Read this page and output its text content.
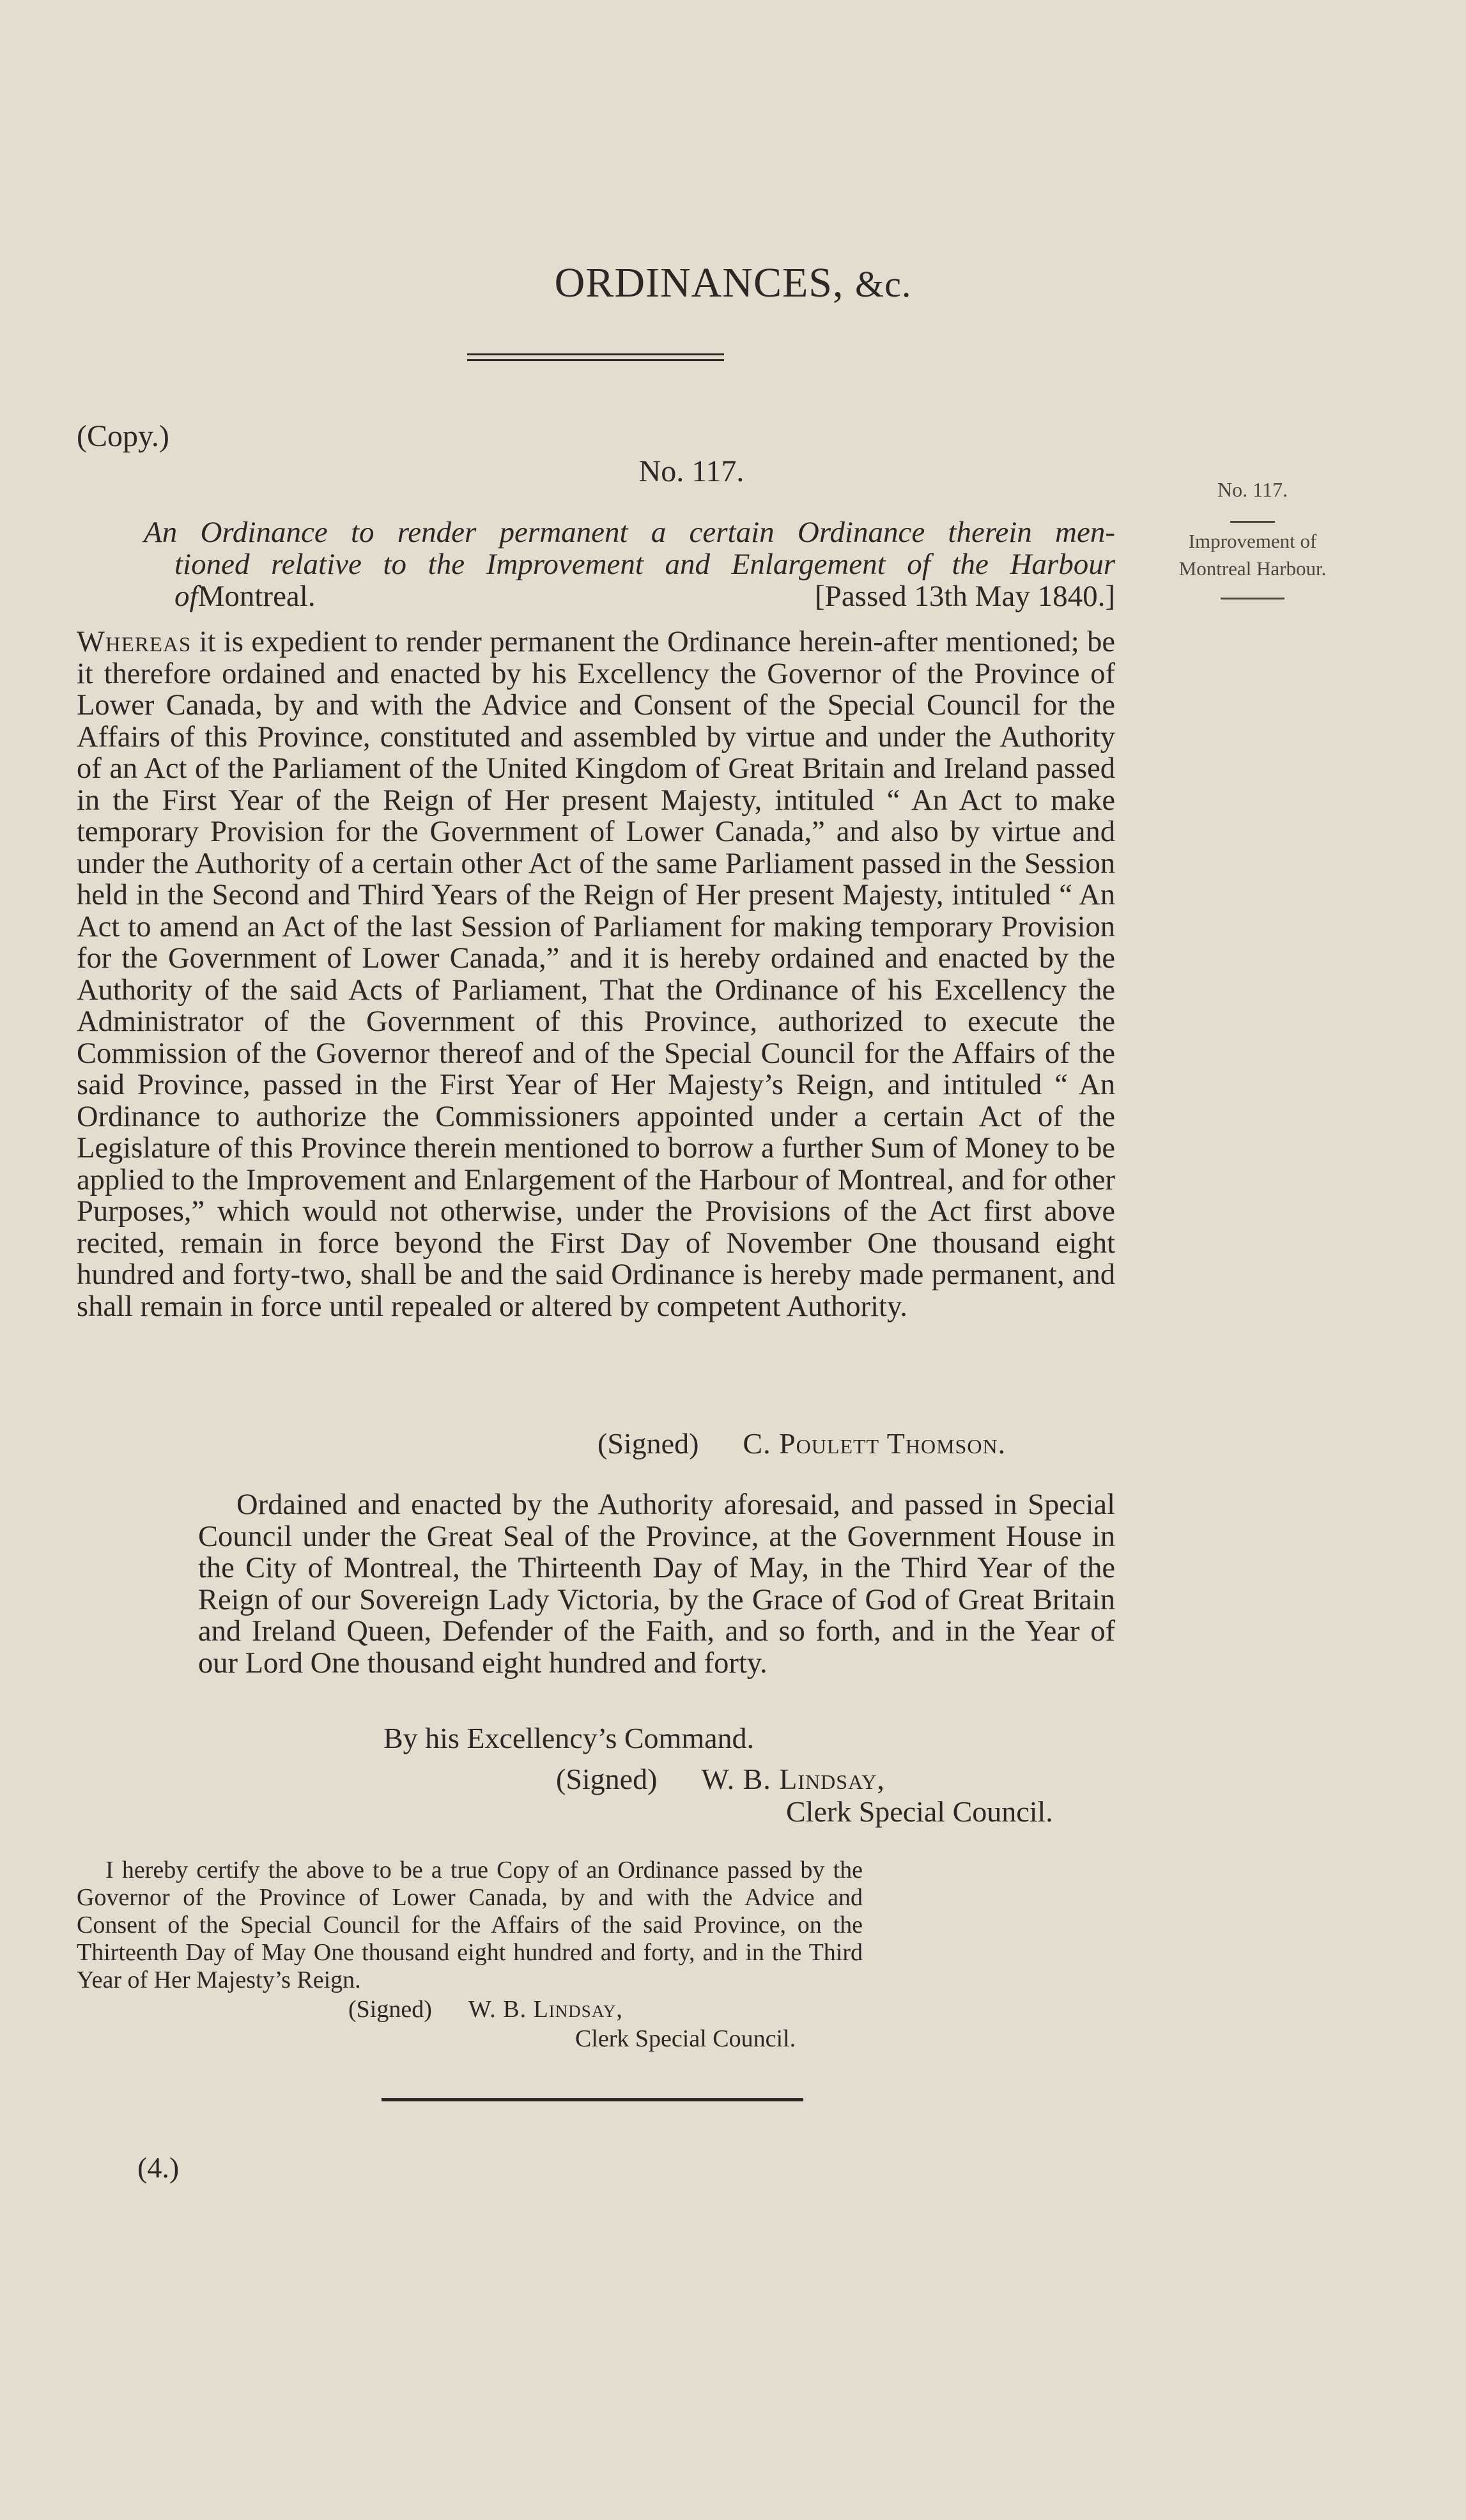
ORDINANCES, &c.
(Copy.)
No. 117.
No. 117.
Improvement of
Montreal Harbour.
An Ordinance to render permanent a certain Ordinance therein men-
tioned relative to the Improvement and Enlargement of the Harbour
ofMontreal.	[Passed 13th May 1840.]
Whereas it is expedient to render permanent the Ordinance herein-after mentioned; be it therefore ordained and enacted by his Excellency the Governor of the Province of Lower Canada, by and with the Advice and Consent of the Special Council for the Affairs of this Province, constituted and assembled by virtue and under the Authority of an Act of the Parliament of the United Kingdom of Great Britain and Ireland passed in the First Year of the Reign of Her present Majesty, intituled “ An Act to make temporary Provision for the Government of Lower Canada,” and also by virtue and under the Authority of a certain other Act of the same Parliament passed in the Session held in the Second and Third Years of the Reign of Her present Majesty, intituled “ An Act to amend an Act of the last Session of Parliament for making temporary Provision for the Government of Lower Canada,” and it is hereby ordained and enacted by the Authority of the said Acts of Parliament, That the Ordinance of his Excellency the Administrator of the Government of this Province, authorized to execute the Commission of the Governor thereof and of the Special Council for the Affairs of the said Province, passed in the First Year of Her Majesty’s Reign, and intituled “ An Ordinance to authorize the Commissioners appointed under a certain Act of the Legislature of this Province therein mentioned to borrow a further Sum of Money to be applied to the Improvement and Enlargement of the Harbour of Montreal, and for other Purposes,” which would not otherwise, under the Provisions of the Act first above recited, remain in force beyond the First Day of November One thousand eight hundred and forty-two, shall be and the said Ordinance is hereby made permanent, and shall remain in force until repealed or altered by competent Authority.
(Signed) C. Poulett Thomson.

Ordained and enacted by the Authority aforesaid, and passed in Special Council under the Great Seal of the Province, at the Government House in the City of Montreal, the Thirteenth Day of May, in the Third Year of the Reign of our Sovereign Lady Victoria, by the Grace of God of Great Britain and Ireland Queen, Defender of the Faith, and so forth, and in the Year of our Lord One thousand eight hundred and forty.

By his Excellency’s Command.
(Signed) W. B. Lindsay,
Clerk Special Council.

I hereby certify the above to be a true Copy of an Ordinance passed by the Governor of the Province of Lower Canada, by and with the Advice and Consent of the Special Council for the Affairs of the said Province, on the Thirteenth Day of May One thousand eight hundred and forty, and in the Third Year of Her Majesty’s Reign.

(Signed) W. B. Lindsay,
Clerk Special Council.
(4.)
